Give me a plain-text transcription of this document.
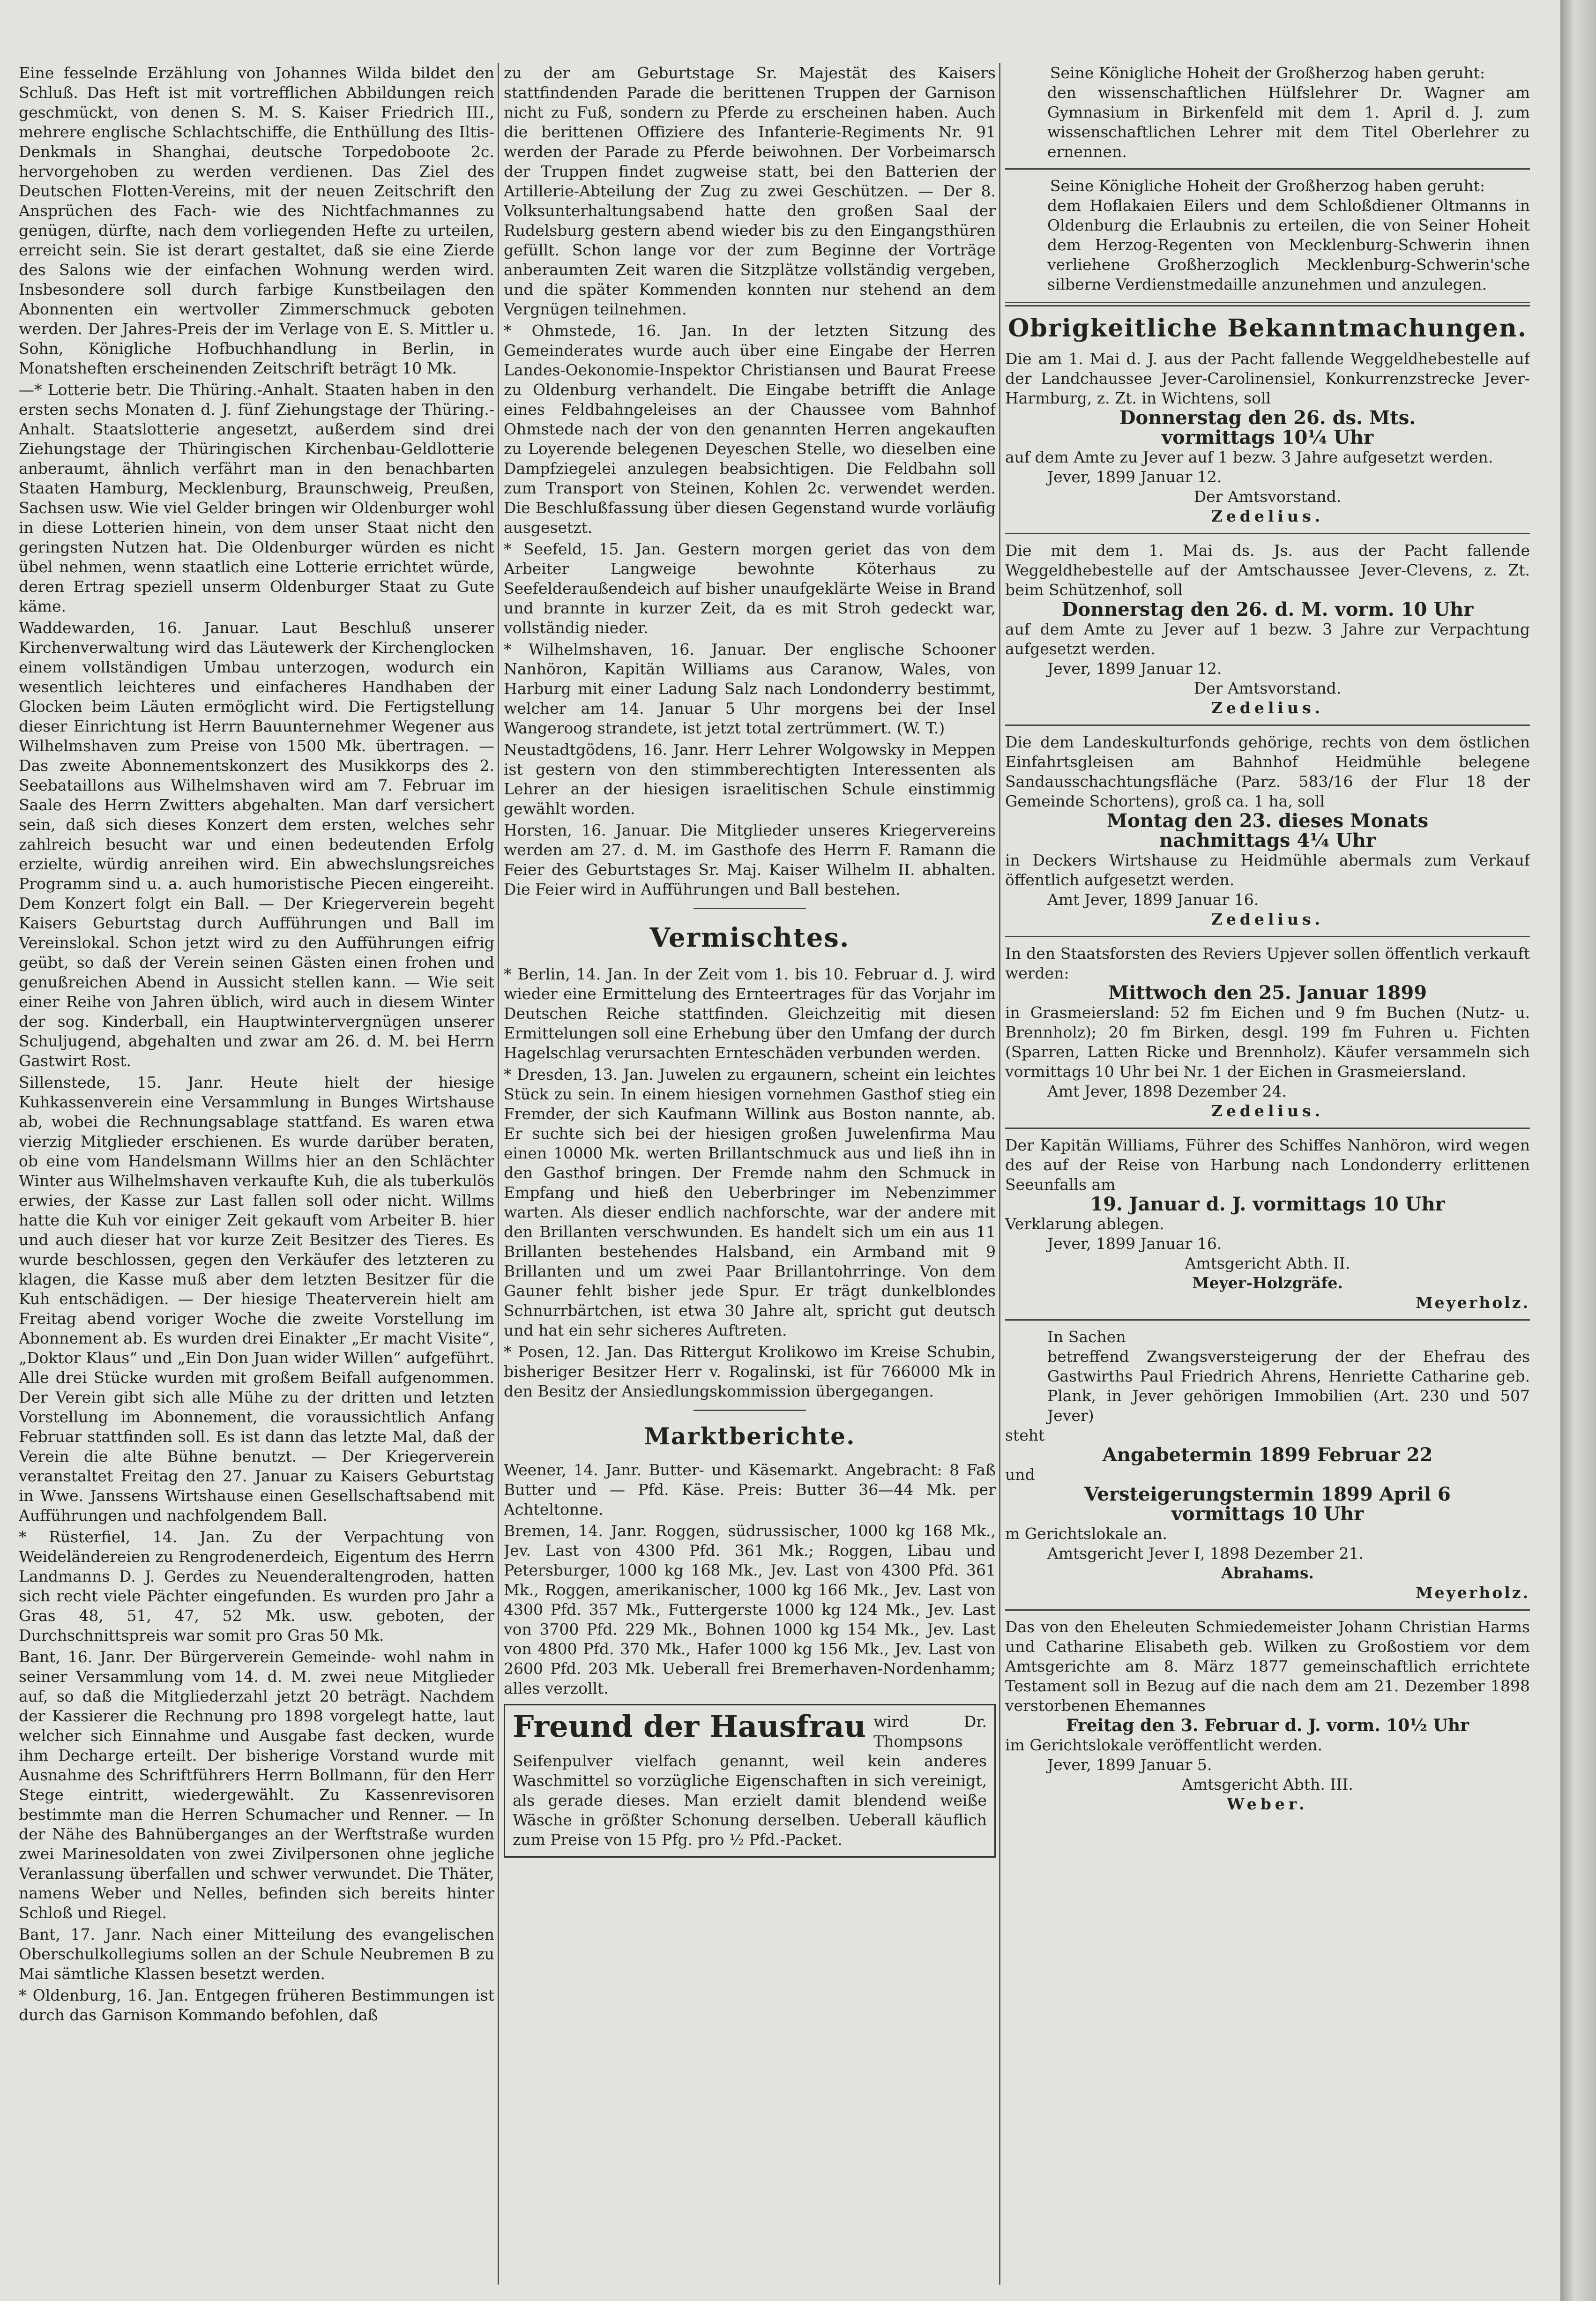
Eine fesselnde Erzählung von Johannes Wilda bildet den Schluß. Das Heft ist mit vortrefflichen Abbildungen reich geschmückt, von denen S. M. S. Kaiser Friedrich III., mehrere englische Schlachtschiffe, die Enthüllung des Iltis-Denkmals in Shanghai, deutsche Torpedoboote 2c. hervorgehoben zu werden verdienen. Das Ziel des Deutschen Flotten-Vereins, mit der neuen Zeitschrift den Ansprüchen des Fach- wie des Nichtfachmannes zu genügen, dürfte, nach dem vorliegenden Hefte zu urteilen, erreicht sein. Sie ist derart gestaltet, daß sie eine Zierde des Salons wie der einfachen Wohnung werden wird. Insbesondere soll durch farbige Kunstbeilagen den Abonnenten ein wertvoller Zimmerschmuck geboten werden. Der Jahres-Preis der im Verlage von E. S. Mittler u. Sohn, Königliche Hofbuchhandlung in Berlin, in Monatsheften erscheinenden Zeitschrift beträgt 10 Mk.

—* Lotterie betr. Die Thüring.-Anhalt. Staaten haben in den ersten sechs Monaten d. J. fünf Ziehungstage der Thüring.-Anhalt. Staatslotterie angesetzt, außerdem sind drei Ziehungstage der Thüringischen Kirchenbau-Geldlotterie anberaumt, ähnlich verfährt man in den benachbarten Staaten Hamburg, Mecklenburg, Braunschweig, Preußen, Sachsen usw. Wie viel Gelder bringen wir Oldenburger wohl in diese Lotterien hinein, von dem unser Staat nicht den geringsten Nutzen hat. Die Oldenburger würden es nicht übel nehmen, wenn staatlich eine Lotterie errichtet würde, deren Ertrag speziell unserm Oldenburger Staat zu Gute käme.

Waddewarden, 16. Januar. Laut Beschluß unserer Kirchenverwaltung wird das Läutewerk der Kirchenglocken einem vollständigen Umbau unterzogen, wodurch ein wesentlich leichteres und einfacheres Handhaben der Glocken beim Läuten ermöglicht wird. Die Fertigstellung dieser Einrichtung ist Herrn Bauunternehmer Wegener aus Wilhelmshaven zum Preise von 1500 Mk. übertragen. — Das zweite Abonnementskonzert des Musikkorps des 2. Seebataillons aus Wilhelmshaven wird am 7. Februar im Saale des Herrn Zwitters abgehalten. Man darf versichert sein, daß sich dieses Konzert dem ersten, welches sehr zahlreich besucht war und einen bedeutenden Erfolg erzielte, würdig anreihen wird. Ein abwechslungsreiches Programm sind u. a. auch humoristische Piecen eingereiht. Dem Konzert folgt ein Ball. — Der Kriegerverein begeht Kaisers Geburtstag durch Aufführungen und Ball im Vereinslokal. Schon jetzt wird zu den Aufführungen eifrig geübt, so daß der Verein seinen Gästen einen frohen und genußreichen Abend in Aussicht stellen kann. — Wie seit einer Reihe von Jahren üblich, wird auch in diesem Winter der sog. Kinderball, ein Hauptwintervergnügen unserer Schuljugend, abgehalten und zwar am 26. d. M. bei Herrn Gastwirt Rost.

Sillenstede, 15. Janr. Heute hielt der hiesige Kuhkassenverein eine Versammlung in Bunges Wirtshause ab, wobei die Rechnungsablage stattfand. Es waren etwa vierzig Mitglieder erschienen. Es wurde darüber beraten, ob eine vom Handelsmann Willms hier an den Schlächter Winter aus Wilhelmshaven verkaufte Kuh, die als tuberkulös erwies, der Kasse zur Last fallen soll oder nicht. Willms hatte die Kuh vor einiger Zeit gekauft vom Arbeiter B. hier und auch dieser hat vor kurze Zeit Besitzer des Tieres. Es wurde beschlossen, gegen den Verkäufer des letzteren zu klagen, die Kasse muß aber dem letzten Besitzer für die Kuh entschädigen. — Der hiesige Theaterverein hielt am Freitag abend voriger Woche die zweite Vorstellung im Abonnement ab. Es wurden drei Einakter „Er macht Visite“, „Doktor Klaus“ und „Ein Don Juan wider Willen“ aufgeführt. Alle drei Stücke wurden mit großem Beifall aufgenommen. Der Verein gibt sich alle Mühe zu der dritten und letzten Vorstellung im Abonnement, die voraussichtlich Anfang Februar stattfinden soll. Es ist dann das letzte Mal, daß der Verein die alte Bühne benutzt. — Der Kriegerverein veranstaltet Freitag den 27. Januar zu Kaisers Geburtstag in Wwe. Janssens Wirtshause einen Gesellschaftsabend mit Aufführungen und nachfolgendem Ball.

* Rüsterfiel, 14. Jan. Zu der Verpachtung von Weideländereien zu Rengrodenerdeich, Eigentum des Herrn Landmanns D. J. Gerdes zu Neuenderaltengroden, hatten sich recht viele Pächter eingefunden. Es wurden pro Jahr a Gras 48, 51, 47, 52 Mk. usw. geboten, der Durchschnittspreis war somit pro Gras 50 Mk.

Bant, 16. Janr. Der Bürgerverein Gemeinde- wohl nahm in seiner Versammlung vom 14. d. M. zwei neue Mitglieder auf, so daß die Mitgliederzahl jetzt 20 beträgt. Nachdem der Kassierer die Rechnung pro 1898 vorgelegt hatte, laut welcher sich Einnahme und Ausgabe fast decken, wurde ihm Decharge erteilt. Der bisherige Vorstand wurde mit Ausnahme des Schriftführers Herrn Bollmann, für den Herr Stege eintritt, wiedergewählt. Zu Kassenrevisoren bestimmte man die Herren Schumacher und Renner. — In der Nähe des Bahnüberganges an der Werftstraße wurden zwei Marinesoldaten von zwei Zivilpersonen ohne jegliche Veranlassung überfallen und schwer verwundet. Die Thäter, namens Weber und Nelles, befinden sich bereits hinter Schloß und Riegel.

Bant, 17. Janr. Nach einer Mitteilung des evangelischen Oberschulkollegiums sollen an der Schule Neubremen B zu Mai sämtliche Klassen besetzt werden.

* Oldenburg, 16. Jan. Entgegen früheren Bestimmungen ist durch das Garnison Kommando befohlen, daß

zu der am Geburtstage Sr. Majestät des Kaisers stattfindenden Parade die berittenen Truppen der Garnison nicht zu Fuß, sondern zu Pferde zu erscheinen haben. Auch die berittenen Offiziere des Infanterie-Regiments Nr. 91 werden der Parade zu Pferde beiwohnen. Der Vorbeimarsch der Truppen findet zugweise statt, bei den Batterien der Artillerie-Abteilung der Zug zu zwei Geschützen. — Der 8. Volksunterhaltungsabend hatte den großen Saal der Rudelsburg gestern abend wieder bis zu den Eingangsthüren gefüllt. Schon lange vor der zum Beginne der Vorträge anberaumten Zeit waren die Sitzplätze vollständig vergeben, und die später Kommenden konnten nur stehend an dem Vergnügen teilnehmen.

* Ohmstede, 16. Jan. In der letzten Sitzung des Gemeinderates wurde auch über eine Eingabe der Herren Landes-Oekonomie-Inspektor Christiansen und Baurat Freese zu Oldenburg verhandelt. Die Eingabe betrifft die Anlage eines Feldbahngeleises an der Chaussee vom Bahnhof Ohmstede nach der von den genannten Herren angekauften zu Loyerende belegenen Deyeschen Stelle, wo dieselben eine Dampfziegelei anzulegen beabsichtigen. Die Feldbahn soll zum Transport von Steinen, Kohlen 2c. verwendet werden. Die Beschlußfassung über diesen Gegenstand wurde vorläufig ausgesetzt.

* Seefeld, 15. Jan. Gestern morgen geriet das von dem Arbeiter Langweige bewohnte Köterhaus zu Seefelderaußendeich auf bisher unaufgeklärte Weise in Brand und brannte in kurzer Zeit, da es mit Stroh gedeckt war, vollständig nieder.

* Wilhelmshaven, 16. Januar. Der englische Schooner Nanhöron, Kapitän Williams aus Caranow, Wales, von Harburg mit einer Ladung Salz nach Londonderry bestimmt, welcher am 14. Januar 5 Uhr morgens bei der Insel Wangeroog strandete, ist jetzt total zertrümmert. (W. T.)

Neustadtgödens, 16. Janr. Herr Lehrer Wolgowsky in Meppen ist gestern von den stimmberechtigten Interessenten als Lehrer an der hiesigen israelitischen Schule einstimmig gewählt worden.

Horsten, 16. Januar. Die Mitglieder unseres Kriegervereins werden am 27. d. M. im Gasthofe des Herrn F. Ramann die Feier des Geburtstages Sr. Maj. Kaiser Wilhelm II. abhalten. Die Feier wird in Aufführungen und Ball bestehen.

Vermischtes.

* Berlin, 14. Jan. In der Zeit vom 1. bis 10. Februar d. J. wird wieder eine Ermittelung des Ernteertrages für das Vorjahr im Deutschen Reiche stattfinden. Gleichzeitig mit diesen Ermittelungen soll eine Erhebung über den Umfang der durch Hagelschlag verursachten Ernteschäden verbunden werden.

* Dresden, 13. Jan. Juwelen zu ergaunern, scheint ein leichtes Stück zu sein. In einem hiesigen vornehmen Gasthof stieg ein Fremder, der sich Kaufmann Willink aus Boston nannte, ab. Er suchte sich bei der hiesigen großen Juwelenfirma Mau einen 10000 Mk. werten Brillantschmuck aus und ließ ihn in den Gasthof bringen. Der Fremde nahm den Schmuck in Empfang und hieß den Ueberbringer im Nebenzimmer warten. Als dieser endlich nachforschte, war der andere mit den Brillanten verschwunden. Es handelt sich um ein aus 11 Brillanten bestehendes Halsband, ein Armband mit 9 Brillanten und um zwei Paar Brillantohrringe. Von dem Gauner fehlt bisher jede Spur. Er trägt dunkelblondes Schnurrbärtchen, ist etwa 30 Jahre alt, spricht gut deutsch und hat ein sehr sicheres Auftreten.

* Posen, 12. Jan. Das Rittergut Krolikowo im Kreise Schubin, bisheriger Besitzer Herr v. Rogalinski, ist für 766000 Mk in den Besitz der Ansiedlungskommission übergegangen.

Marktberichte.

Weener, 14. Janr. Butter- und Käsemarkt. Angebracht: 8 Faß Butter und — Pfd. Käse. Preis: Butter 36—44 Mk. per Achteltonne.

Bremen, 14. Janr. Roggen, südrussischer, 1000 kg 168 Mk., Jev. Last von 4300 Pfd. 361 Mk.; Roggen, Libau und Petersburger, 1000 kg 168 Mk., Jev. Last von 4300 Pfd. 361 Mk., Roggen, amerikanischer, 1000 kg 166 Mk., Jev. Last von 4300 Pfd. 357 Mk., Futtergerste 1000 kg 124 Mk., Jev. Last von 3700 Pfd. 229 Mk., Bohnen 1000 kg 154 Mk., Jev. Last von 4800 Pfd. 370 Mk., Hafer 1000 kg 156 Mk., Jev. Last von 2600 Pfd. 203 Mk. Ueberall frei Bremerhaven-Nordenhamm; alles verzollt.

Freund der Hausfrau wird Dr. Thompsons Seifenpulver vielfach genannt, weil kein anderes Waschmittel so vorzügliche Eigenschaften in sich vereinigt, als gerade dieses. Man erzielt damit blendend weiße Wäsche in größter Schonung derselben. Ueberall käuflich zum Preise von 15 Pfg. pro ½ Pfd.-Packet.

Seine Königliche Hoheit der Großherzog haben geruht:

den wissenschaftlichen Hülfslehrer Dr. Wagner am Gymnasium in Birkenfeld mit dem 1. April d. J. zum wissenschaftlichen Lehrer mit dem Titel Oberlehrer zu ernennen.

Seine Königliche Hoheit der Großherzog haben geruht:

dem Hoflakaien Eilers und dem Schloßdiener Oltmanns in Oldenburg die Erlaubnis zu erteilen, die von Seiner Hoheit dem Herzog-Regenten von Mecklenburg-Schwerin ihnen verliehene Großherzoglich Mecklenburg-Schwerin'sche silberne Verdienstmedaille anzunehmen und anzulegen.

Obrigkeitliche Bekanntmachungen.

Die am 1. Mai d. J. aus der Pacht fallende Weggeldhebestelle auf der Landchaussee Jever-Carolinensiel, Konkurrenzstrecke Jever-Harmburg, z. Zt. in Wichtens, soll

Donnerstag den 26. ds. Mts.

vormittags 10¼ Uhr

auf dem Amte zu Jever auf 1 bezw. 3 Jahre aufgesetzt werden.

Jever, 1899 Januar 12.

Der Amtsvorstand.

Zedelius.

Die mit dem 1. Mai ds. Js. aus der Pacht fallende Weggeldhebestelle auf der Amtschaussee Jever-Clevens, z. Zt. beim Schützenhof, soll

Donnerstag den 26. d. M. vorm. 10 Uhr

auf dem Amte zu Jever auf 1 bezw. 3 Jahre zur Verpachtung aufgesetzt werden.

Jever, 1899 Januar 12.

Der Amtsvorstand.

Zedelius.

Die dem Landeskulturfonds gehörige, rechts von dem östlichen Einfahrtsgleisen am Bahnhof Heidmühle belegene Sandausschachtungsfläche (Parz. 583/16 der Flur 18 der Gemeinde Schortens), groß ca. 1 ha, soll

Montag den 23. dieses Monats

nachmittags 4¼ Uhr

in Deckers Wirtshause zu Heidmühle abermals zum Verkauf öffentlich aufgesetzt werden.

Amt Jever, 1899 Januar 16.

Zedelius.

In den Staatsforsten des Reviers Upjever sollen öffentlich verkauft werden:

Mittwoch den 25. Januar 1899

in Grasmeiersland: 52 fm Eichen und 9 fm Buchen (Nutz- u. Brennholz); 20 fm Birken, desgl. 199 fm Fuhren u. Fichten (Sparren, Latten Ricke und Brennholz). Käufer versammeln sich vormittags 10 Uhr bei Nr. 1 der Eichen in Grasmeiersland.

Amt Jever, 1898 Dezember 24.

Zedelius.

Der Kapitän Williams, Führer des Schiffes Nanhöron, wird wegen des auf der Reise von Harbung nach Londonderry erlittenen Seeunfalls am

19. Januar d. J. vormittags 10 Uhr

Verklarung ablegen.

Jever, 1899 Januar 16.

Amtsgericht Abth. II.

Meyer-Holzgräfe.

Meyerholz.

In Sachen

betreffend Zwangsversteigerung der der Ehefrau des Gastwirths Paul Friedrich Ahrens, Henriette Catharine geb. Plank, in Jever gehörigen Immobilien (Art. 230 und 507 Jever)

steht

Angabetermin 1899 Februar 22

und

Versteigerungstermin 1899 April 6

vormittags 10 Uhr

m Gerichtslokale an.

Amtsgericht Jever I, 1898 Dezember 21.

Abrahams.

Meyerholz.

Das von den Eheleuten Schmiedemeister Johann Christian Harms und Catharine Elisabeth geb. Wilken zu Großostiem vor dem Amtsgerichte am 8. März 1877 gemeinschaftlich errichtete Testament soll in Bezug auf die nach dem am 21. Dezember 1898 verstorbenen Ehemannes

Freitag den 3. Februar d. J. vorm. 10½ Uhr

im Gerichtslokale veröffentlicht werden.

Jever, 1899 Januar 5.

Amtsgericht Abth. III.

Weber.
